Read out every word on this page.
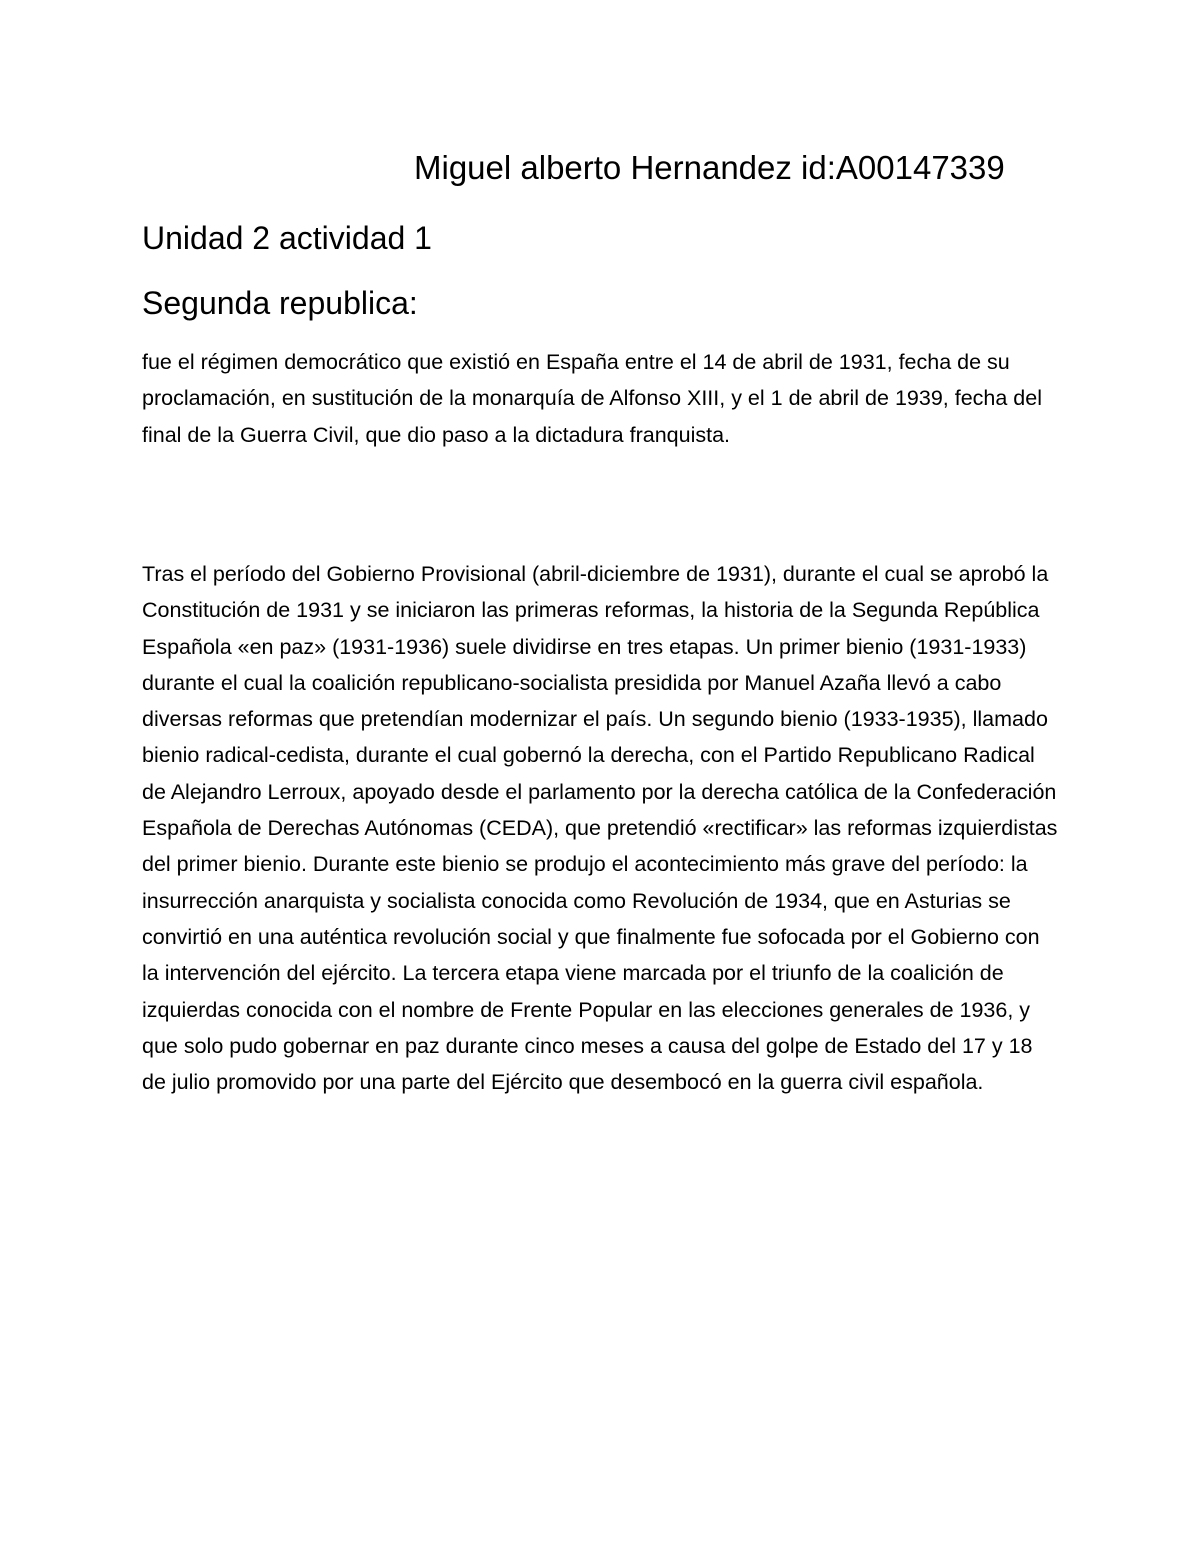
Miguel alberto Hernandez id:A00147339
Unidad 2 actividad 1
Segunda republica:

fue el régimen democrático que existió en España entre el 14 de abril de 1931, fecha de su proclamación, en sustitución de la monarquía de Alfonso XIII, y el 1 de abril de 1939, fecha del final de la Guerra Civil, que dio paso a la dictadura franquista.

Tras el período del Gobierno Provisional (abril-diciembre de 1931), durante el cual se aprobó la Constitución de 1931 y se iniciaron las primeras reformas, la historia de la Segunda República Española «en paz» (1931-1936) suele dividirse en tres etapas. Un primer bienio (1931-1933) durante el cual la coalición republicano-socialista presidida por Manuel Azaña llevó a cabo diversas reformas que pretendían modernizar el país. Un segundo bienio (1933-1935), llamado bienio radical-cedista, durante el cual gobernó la derecha, con el Partido Republicano Radical de Alejandro Lerroux, apoyado desde el parlamento por la derecha católica de la Confederación Española de Derechas Autónomas (CEDA), que pretendió «rectificar» las reformas izquierdistas del primer bienio. Durante este bienio se produjo el acontecimiento más grave del período: la insurrección anarquista y socialista conocida como Revolución de 1934, que en Asturias se convirtió en una auténtica revolución social y que finalmente fue sofocada por el Gobierno con la intervención del ejército. La tercera etapa viene marcada por el triunfo de la coalición de izquierdas conocida con el nombre de Frente Popular en las elecciones generales de 1936, y que solo pudo gobernar en paz durante cinco meses a causa del golpe de Estado del 17 y 18 de julio promovido por una parte del Ejército que desembocó en la guerra civil española.
